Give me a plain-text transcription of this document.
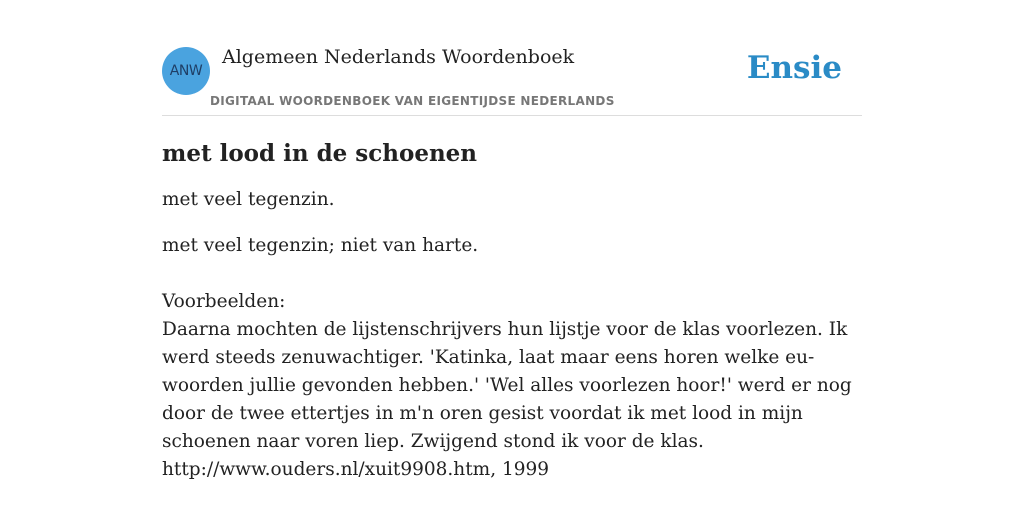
ANW
Algemeen Nederlands Woordenboek
DIGITAAL WOORDENBOEK VAN EIGENTIJDSE NEDERLANDS
Ensie
met lood in de schoenen

met veel tegenzin.

met veel tegenzin; niet van harte.

Voorbeelden:
Daarna mochten de lijstenschrijvers hun lijstje voor de klas voorlezen. Ik werd steeds zenuwachtiger. 'Katinka, laat maar eens horen welke eu-woorden jullie gevonden hebben.' 'Wel alles voorlezen hoor!' werd er nog door de twee ettertjes in m'n oren gesist voordat ik met lood in mijn schoenen naar voren liep. Zwijgend stond ik voor de klas.
http://www.ouders.nl/xuit9908.htm, 1999
